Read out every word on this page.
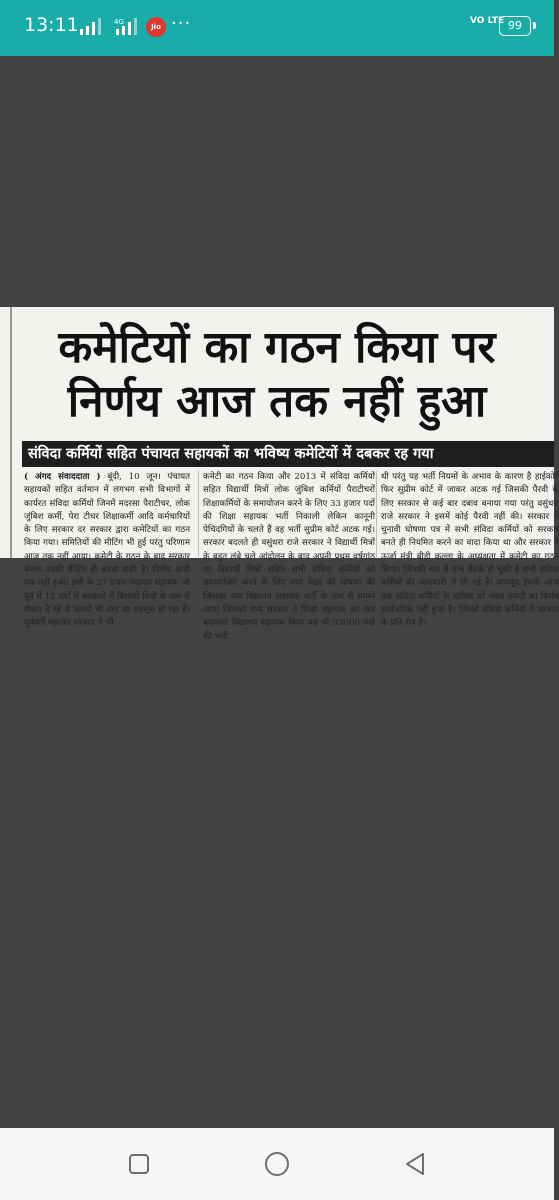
13:11	4G
Jio ···	VO LTE 99
कमेटियों का गठन किया पर
निर्णय आज तक नहीं हुआ
संविदा कर्मियों सहित पंचायत सहायकों का भविष्य कमेटियों में दबकर रह गया

( अंगद संवाददाता ) बूंदी, 10 जून। पंचायत सहायकों सहित वर्तमान में लगभग सभी विभागों में कार्यरत संविदा कर्मियों जिनमें मदरसा पैराटीचर, लोक जुंबिश कर्मी, पेरा टीचर शिक्षाकर्मी आदि कर्मचारियों के लिए सरकार दर सरकार द्वारा कमेटियों का गठन किया गया। समितियों की मीटिंग भी हुई परंतु परिणाम आज तक नहीं आया। कमेटी के गठन के बाद सरकार केवल उनकी मीटिंग ही करवा सकी है। निर्णय अभी तक नहीं हुआ। इसी के 27 हजार पंचायत सहायक जो पूर्व में 12 वर्षों से सरकारों में विद्यार्थी मित्रों के नाम से सेवाएं दे रहे थे उनको भी ठगा सा महसूस हो रहा है। पूर्ववर्ती गहलोत सरकार ने भी

कमेटी का गठन किया और 2013 में संविदा कर्मियों सहित विद्यार्थी मित्रों लोक जुंबिश कर्मियों पैराटीचरों शिक्षाकर्मियों के समायोजन करने के लिए 33 हजार पदों की शिक्षा सहायक भर्ती निकाली लेकिन कानूनी पेचिदगियों के चलते हैं वह भर्ती सुप्रीम कोर्ट अटक गई। सरकार बदलते ही वसुंधरा राजे सरकार ने विद्यार्थी मित्रों के बहुत लंबे चले आंदोलन के बाद अपनी प्रथम वर्षगांठ पर विद्यार्थी मित्रों सहित सभी संविदा कर्मियों को समायोजित करने के लिए नया केडर की घोषणा की जिसका नाम विद्यालय सहायक भर्ती के नाम से सामने आया जिसको गन्य सरकार ने शिक्षा सहायक का नाम बदलकर विद्यालय सहायक किया यह भी 33000 पदों की भर्ती

थी परंतु यह भर्ती नियमों के अभाव के कारण है हाईकोर्ट फिर सुप्रीम कोर्ट में जाकर अटक गई जिसकी पैरवी के लिए सरकार से कई बार दबाव बनाया गया परंतु वसुंधरा राजे सरकार ने इसमें कोई पैरवी नहीं की। सरकार ने चुनावी घोषणा पत्र में सभी संविदा कर्मियों को सरकार बनते ही नियमित करने का वादा किया था और सरकार ने ऊर्जा मंत्री बीडी कल्ला के अध्यक्षता में कमेटी का गठन किया। जिनकी चार से पांच बैठकें हो चुकी है सभी संविदा कर्मियों की जानकारी ले ली गई है। बावजूद इसके आज तक संविदा कर्मियों के भविष्य को लेकर कमेटी का निर्णय सार्वजनिक नहीं हुआ है। जिससे संविदा कर्मियों में सरकार के प्रति रोष है।
